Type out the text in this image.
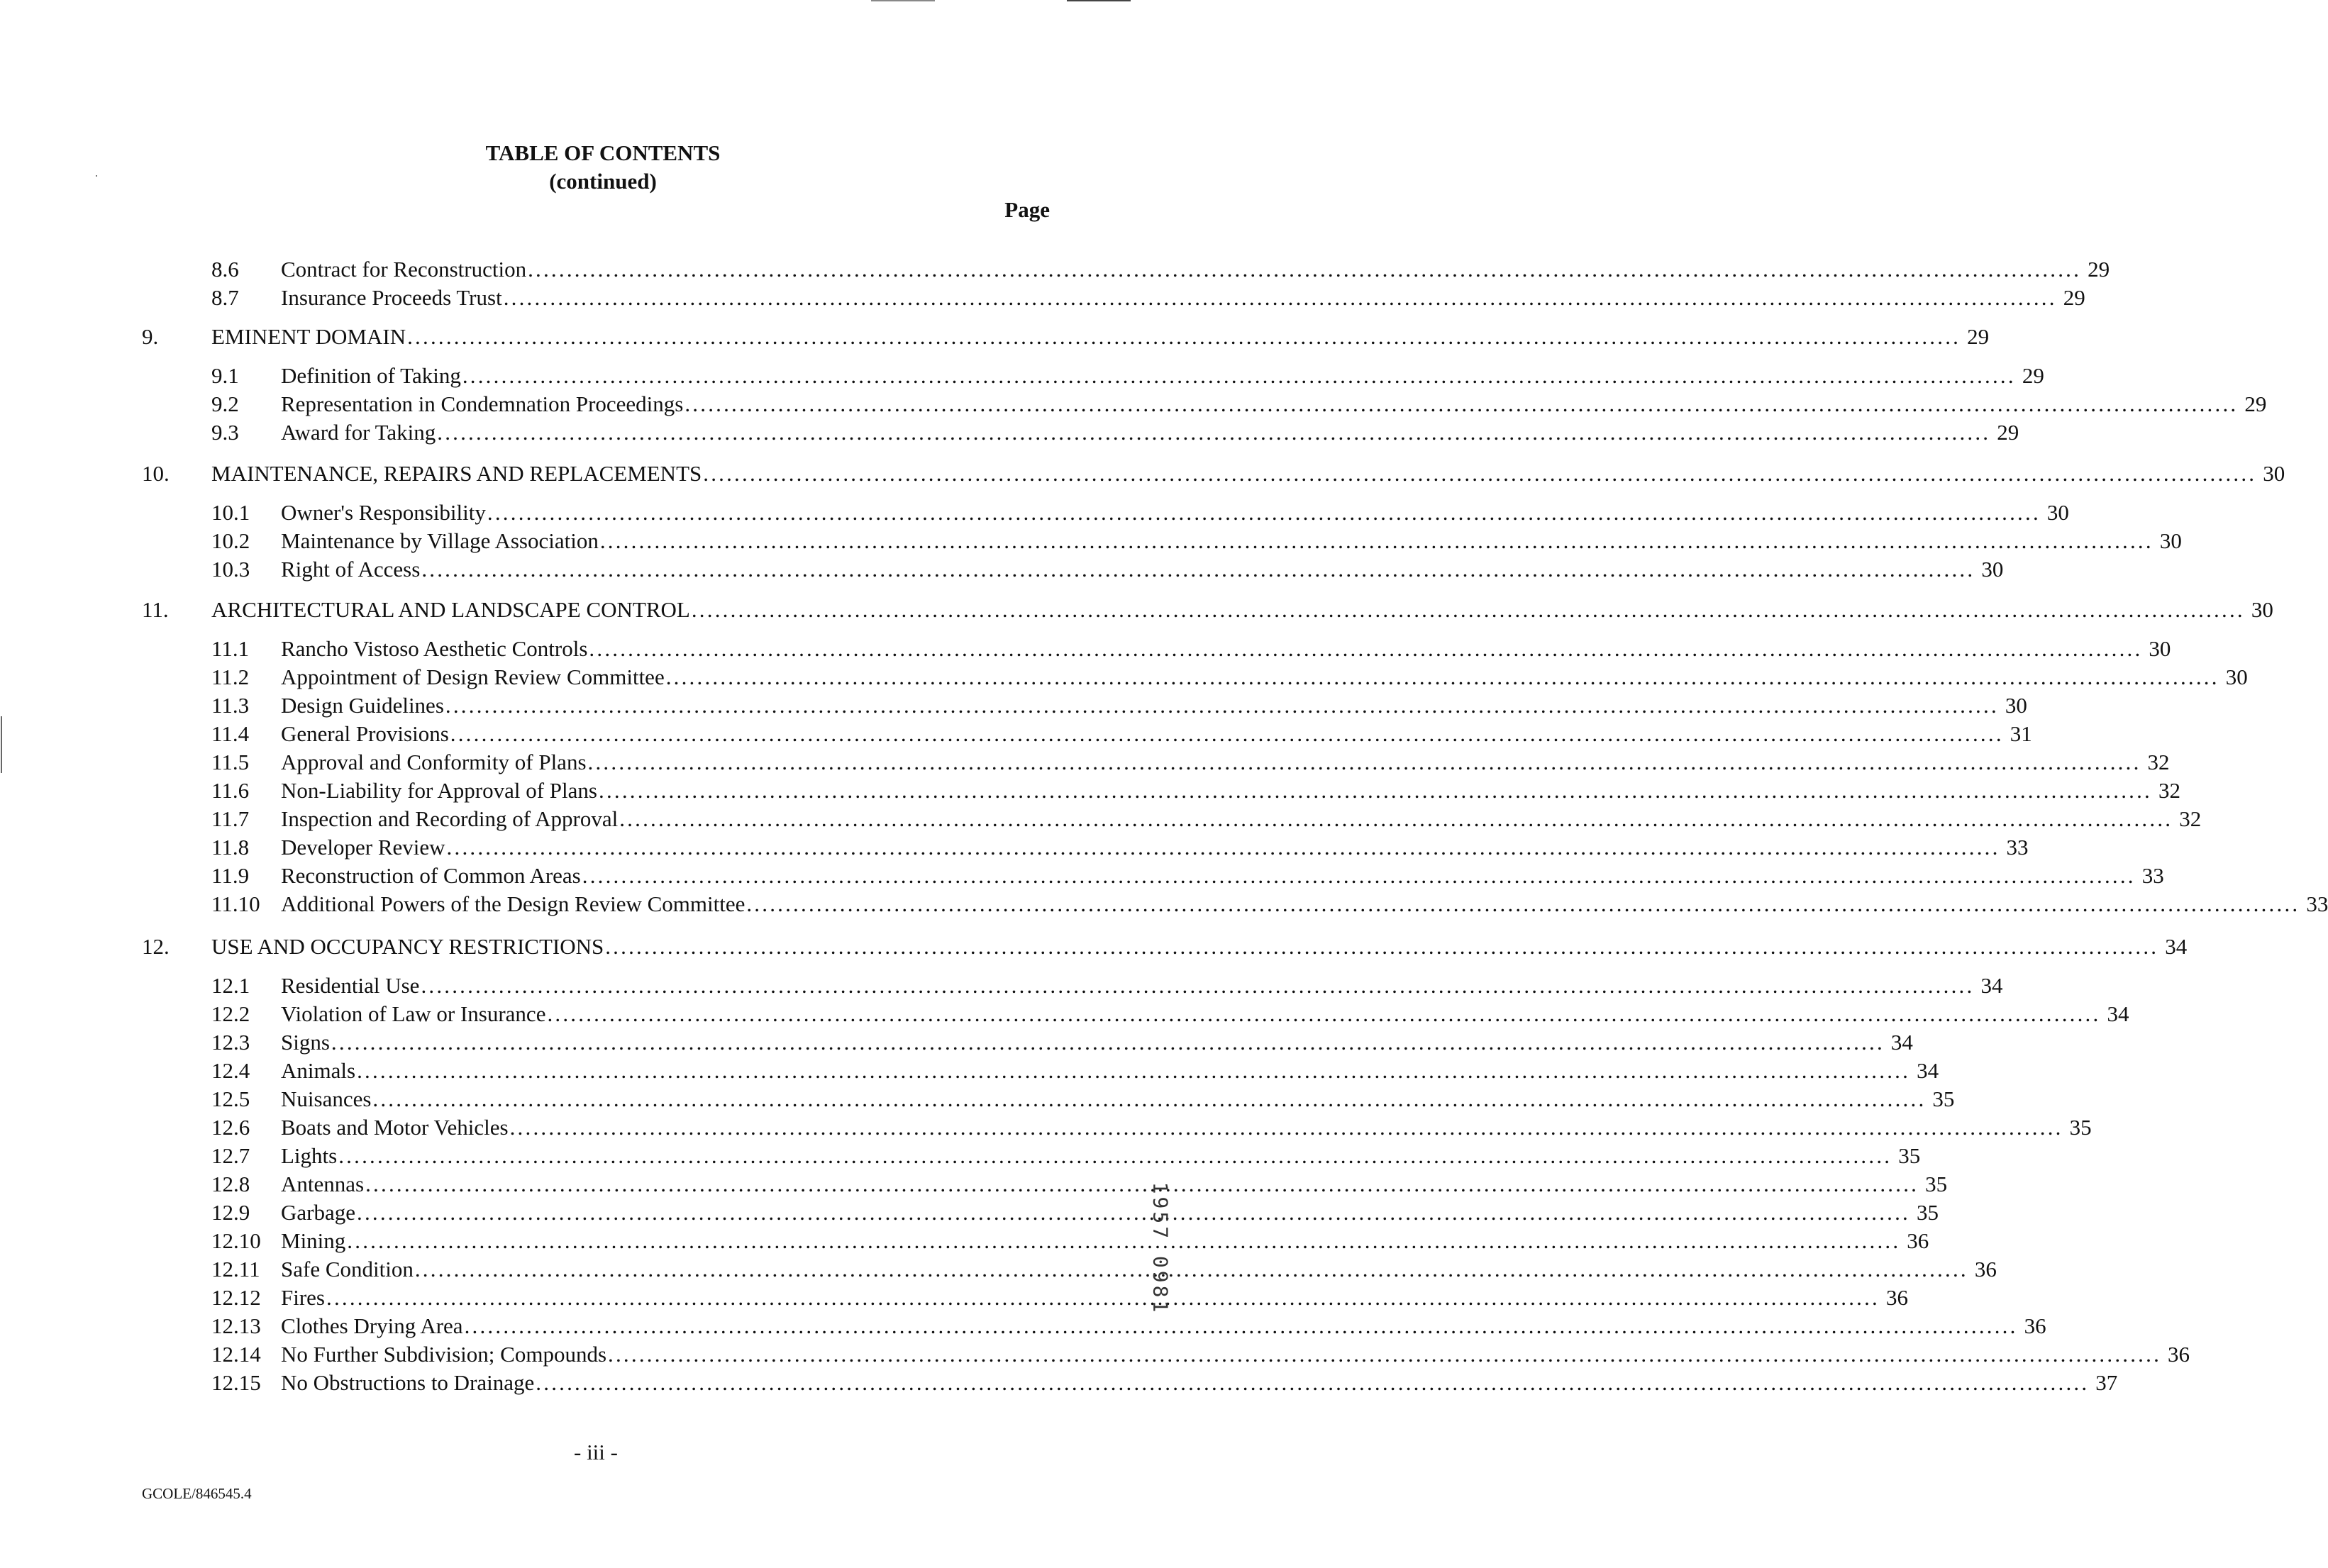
TABLE OF CONTENTS
(continued)
Page
8.6 Contract for Reconstruction ........................................................................................................................................................................................................ 29
8.7 Insurance Proceeds Trust ........................................................................................................................................................................................................ 29
9. EMINENT DOMAIN ........................................................................................................................................................................................................ 29
9.1 Definition of Taking ........................................................................................................................................................................................................ 29
9.2 Representation in Condemnation Proceedings ........................................................................................................................................................................................................ 29
9.3 Award for Taking ........................................................................................................................................................................................................ 29
10. MAINTENANCE, REPAIRS AND REPLACEMENTS ........................................................................................................................................................................................................ 30
10.1 Owner's Responsibility ........................................................................................................................................................................................................ 30
10.2 Maintenance by Village Association ........................................................................................................................................................................................................ 30
10.3 Right of Access ........................................................................................................................................................................................................ 30
11. ARCHITECTURAL AND LANDSCAPE CONTROL ........................................................................................................................................................................................................ 30
11.1 Rancho Vistoso Aesthetic Controls ........................................................................................................................................................................................................ 30
11.2 Appointment of Design Review Committee ........................................................................................................................................................................................................ 30
11.3 Design Guidelines ........................................................................................................................................................................................................ 30
11.4 General Provisions ........................................................................................................................................................................................................ 31
11.5 Approval and Conformity of Plans ........................................................................................................................................................................................................ 32
11.6 Non-Liability for Approval of Plans ........................................................................................................................................................................................................ 32
11.7 Inspection and Recording of Approval ........................................................................................................................................................................................................ 32
11.8 Developer Review ........................................................................................................................................................................................................ 33
11.9 Reconstruction of Common Areas ........................................................................................................................................................................................................ 33
11.10 Additional Powers of the Design Review Committee ........................................................................................................................................................................................................ 33
12. USE AND OCCUPANCY RESTRICTIONS ........................................................................................................................................................................................................ 34
12.1 Residential Use ........................................................................................................................................................................................................ 34
12.2 Violation of Law or Insurance ........................................................................................................................................................................................................ 34
12.3 Signs ........................................................................................................................................................................................................ 34
12.4 Animals ........................................................................................................................................................................................................ 34
12.5 Nuisances ........................................................................................................................................................................................................ 35
12.6 Boats and Motor Vehicles ........................................................................................................................................................................................................ 35
12.7 Lights ........................................................................................................................................................................................................ 35
12.8 Antennas ........................................................................................................................................................................................................ 35
12.9 Garbage ........................................................................................................................................................................................................ 35
12.10 Mining ........................................................................................................................................................................................................ 36
12.11 Safe Condition ........................................................................................................................................................................................................ 36
12.12 Fires ........................................................................................................................................................................................................ 36
12.13 Clothes Drying Area ........................................................................................................................................................................................................ 36
12.14 No Further Subdivision; Compounds ........................................................................................................................................................................................................ 36
12.15 No Obstructions to Drainage ........................................................................................................................................................................................................ 37
- iii -
GCOLE/846545.4
1957 0981
